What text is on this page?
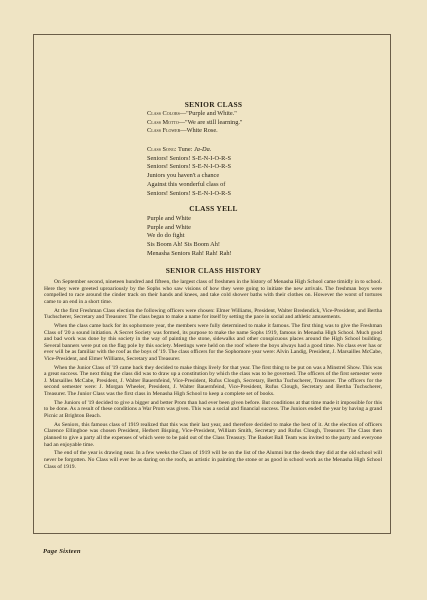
SENIOR CLASS
Class Colors—"Purple and White."
Class Motto—"We are still learning."
Class Flower—White Rose.
Class Song: Tune: Ja-Da.
Seniors! Seniors! S-E-N-I-O-R-S
Seniors! Seniors! S-E-N-I-O-R-S
Juniors you haven't a chance
Against this wonderful class of
Seniors! Seniors! S-E-N-I-O-R-S
CLASS YELL
Purple and White
Purple and White
We do do fight
Sis Boom Ah! Sis Boom Ah!
Menasha Seniors Rah! Rah! Rah!
SENIOR CLASS HISTORY

On September second, nineteen hundred and fifteen, the largest class of freshmen in the history of Menasha High School came timidly in to school. Here they were greeted uproariously by the Sophs who saw visions of how they were going to initiate the new arrivals. The freshman boys were compelled to race around the cinder track on their hands and knees, and take cold shower baths with their clothes on. However the worst of tortures came to an end in a short time.

At the first Freshman Class election the following officers were chosen: Elmer Williams, President, Walter Bredendick, Vice-President, and Bertha Tuchscherer, Secretary and Treasurer. The class began to make a name for itself by setting the pace in social and athletic amusements.

When the class came back for its sophomore year, the members were fully determined to make it famous. The first thing was to give the Freshman Class of '20 a sound initiation. A Secret Society was formed, its purpose to make the name Sophs 1919, famous in Menasha High School. Much good and bad work was done by this society in the way of painting the stone, sidewalks and other conspicuous places around the High School building. Several banners were put on the flag pole by this society. Meetings were held on the roof where the boys always had a good time. No class ever has or ever will be as familiar with the roof as the boys of '19. The class officers for the Sophomore year were: Alvin Landig, President, J. Marsailles McCabe, Vice-President, and Elmer Williams, Secretary and Treasurer.

When the Junior Class of '19 came back they decided to make things lively for that year. The first thing to be put on was a Minstrel Show. This was a great success. The next thing the class did was to draw up a constitution by which the class was to be governed. The officers of the first semester were J. Marsailles McCabe, President, J. Walter Bauernfeind, Vice-President, Rufus Clough, Secretary, Bertha Tuchscherer, Treasurer. The officers for the second semester were: J. Morgan Wheeler, President, J. Walter Bauernfeind, Vice-President, Rufus Clough, Secretary and Bertha Tuchscherer, Treasurer. The Junior Class was the first class in Menasha High School to keep a complete set of books.

The Juniors of '19 decided to give a bigger and better Prom than had ever been given before. But conditions at that time made it impossible for this to be done. As a result of these conditions a War Prom was given. This was a social and financial success. The Juniors ended the year by having a grand Picnic at Brighton Beach.

As Seniors, this famous class of 1919 realized that this was their last year, and therefore decided to make the best of it. At the election of officers Clarence Ellingboe was chosen President, Herbert Bisping, Vice-President, William Smith, Secretary and Rufus Clough, Treasurer. The Class then planned to give a party all the expenses of which were to be paid out of the Class Treasury. The Basket Ball Team was invited to the party and everyone had an enjoyable time.

The end of the year is drawing near. In a few weeks the Class of 1919 will be on the list of the Alumni but the deeds they did at the old school will never be forgotten. No Class will ever be as daring on the roofs, as artistic in painting the stone or as good in school work as the Menasha High School Class of 1919.

Page Sixteen
